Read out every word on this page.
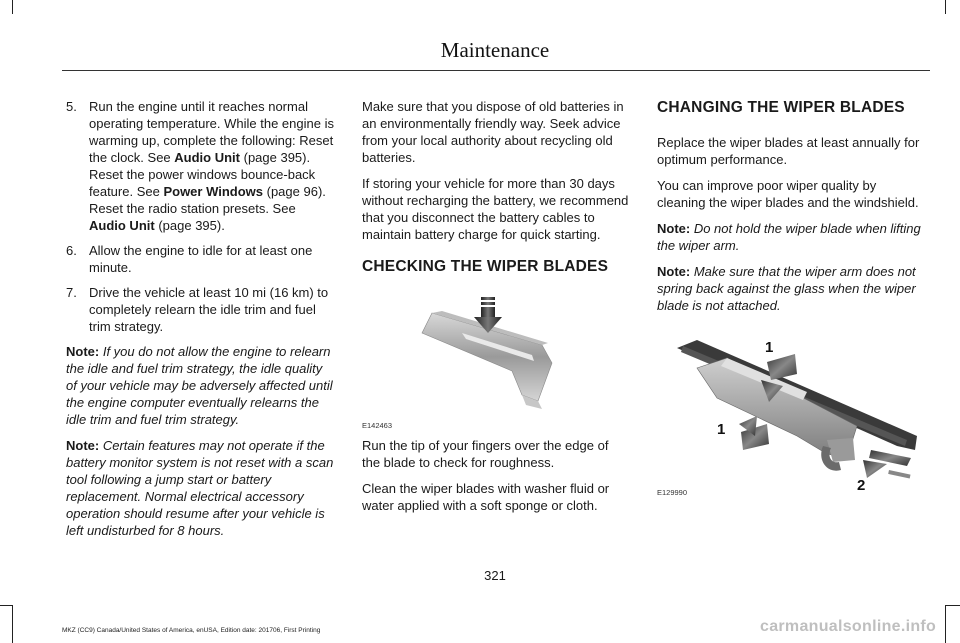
Maintenance
5. Run the engine until it reaches normal operating temperature. While the engine is warming up, complete the following: Reset the clock. See Audio Unit (page 395). Reset the power windows bounce-back feature. See Power Windows (page 96). Reset the radio station presets. See Audio Unit (page 395).
6. Allow the engine to idle for at least one minute.
7. Drive the vehicle at least 10 mi (16 km) to completely relearn the idle trim and fuel trim strategy.
Note: If you do not allow the engine to relearn the idle and fuel trim strategy, the idle quality of your vehicle may be adversely affected until the engine computer eventually relearns the idle trim and fuel trim strategy.
Note: Certain features may not operate if the battery monitor system is not reset with a scan tool following a jump start or battery replacement. Normal electrical accessory operation should resume after your vehicle is left undisturbed for 8 hours.
Make sure that you dispose of old batteries in an environmentally friendly way. Seek advice from your local authority about recycling old batteries.
If storing your vehicle for more than 30 days without recharging the battery, we recommend that you disconnect the battery cables to maintain battery charge for quick starting.
CHECKING THE WIPER BLADES
E142463
Run the tip of your fingers over the edge of the blade to check for roughness.
Clean the wiper blades with washer fluid or water applied with a soft sponge or cloth.
CHANGING THE WIPER BLADES
Replace the wiper blades at least annually for optimum performance.
You can improve poor wiper quality by cleaning the wiper blades and the windshield.
Note: Do not hold the wiper blade when lifting the wiper arm.
Note: Make sure that the wiper arm does not spring back against the glass when the wiper blade is not attached.
1
1
2
E129990
321
MKZ (CC9) Canada/United States of America, enUSA, Edition date: 201706, First Printing	carmanualsonline.info
